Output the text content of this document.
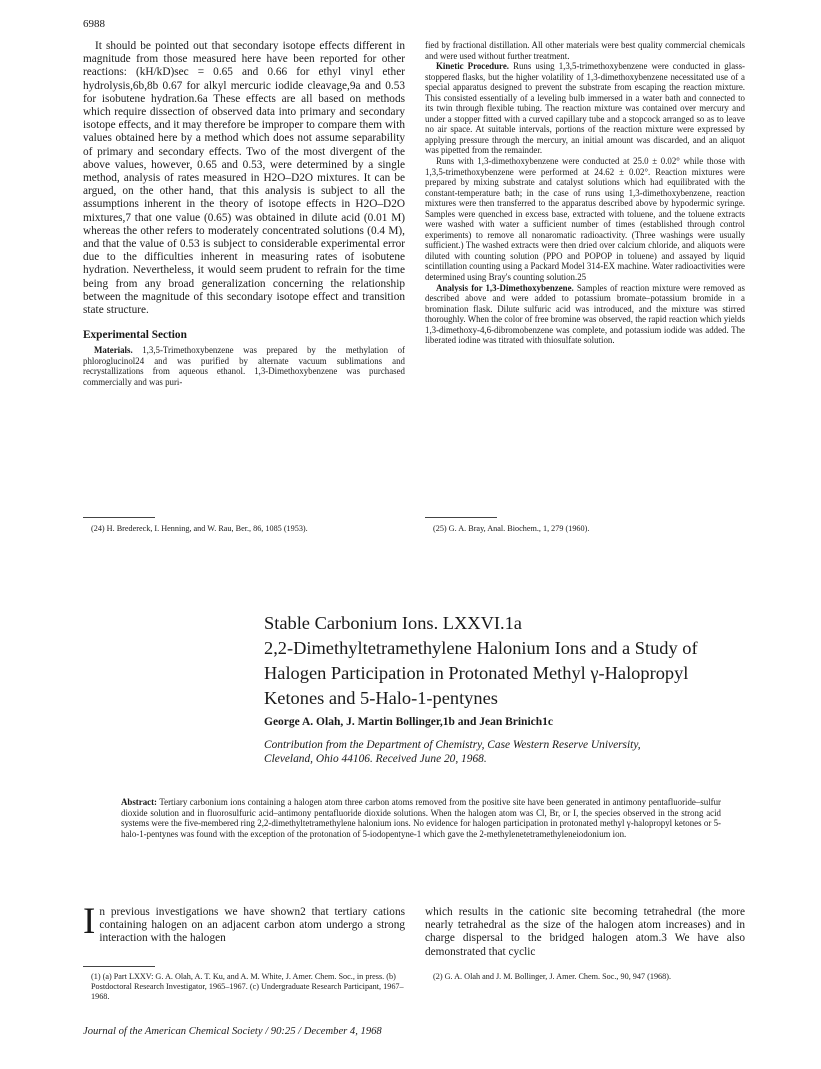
6988

It should be pointed out that secondary isotope effects different in magnitude from those measured here have been reported for other reactions: (kH/kD)sec = 0.65 and 0.66 for ethyl vinyl ether hydrolysis,6b,8b 0.67 for alkyl mercuric iodide cleavage,9a and 0.53 for isobutene hydration.6a These effects are all based on methods which require dissection of observed data into primary and secondary isotope effects, and it may therefore be improper to compare them with values obtained here by a method which does not assume separability of primary and secondary effects. Two of the most divergent of the above values, however, 0.65 and 0.53, were determined by a single method, analysis of rates measured in H2O–D2O mixtures. It can be argued, on the other hand, that this analysis is subject to all the assumptions inherent in the theory of isotope effects in H2O–D2O mixtures,7 that one value (0.65) was obtained in dilute acid (0.01 M) whereas the other refers to moderately concentrated solutions (0.4 M), and that the value of 0.53 is subject to considerable experimental error due to the difficulties inherent in measuring rates of isobutene hydration. Nevertheless, it would seem prudent to refrain for the time being from any broad generalization concerning the relationship between the magnitude of this secondary isotope effect and transition state structure.

Experimental Section

Materials. 1,3,5-Trimethoxybenzene was prepared by the methylation of phloroglucinol24 and was purified by alternate vacuum sublimations and recrystallizations from aqueous ethanol. 1,3-Dimethoxybenzene was purchased commercially and was puri-

fied by fractional distillation. All other materials were best quality commercial chemicals and were used without further treatment.

Kinetic Procedure. Runs using 1,3,5-trimethoxybenzene were conducted in glass-stoppered flasks, but the higher volatility of 1,3-dimethoxybenzene necessitated use of a special apparatus designed to prevent the substrate from escaping the reaction mixture. This consisted essentially of a leveling bulb immersed in a water bath and connected to its twin through flexible tubing. The reaction mixture was contained over mercury and under a stopper fitted with a curved capillary tube and a stopcock arranged so as to leave no air space. At suitable intervals, portions of the reaction mixture were expressed by applying pressure through the mercury, an initial amount was discarded, and an aliquot was pipetted from the remainder.

Runs with 1,3-dimethoxybenzene were conducted at 25.0 ± 0.02° while those with 1,3,5-trimethoxybenzene were performed at 24.62 ± 0.02°. Reaction mixtures were prepared by mixing substrate and catalyst solutions which had equilibrated with the constant-temperature bath; in the case of runs using 1,3-dimethoxybenzene, reaction mixtures were then transferred to the apparatus described above by hypodermic syringe. Samples were quenched in excess base, extracted with toluene, and the toluene extracts were washed with water a sufficient number of times (established through control experiments) to remove all nonaromatic radioactivity. (Three washings were usually sufficient.) The washed extracts were then dried over calcium chloride, and aliquots were diluted with counting solution (PPO and POPOP in toluene) and assayed by liquid scintillation counting using a Packard Model 314-EX machine. Water radioactivities were determined using Bray's counting solution.25

Analysis for 1,3-Dimethoxybenzene. Samples of reaction mixture were removed as described above and were added to potassium bromate–potassium bromide in a bromination flask. Dilute sulfuric acid was introduced, and the mixture was stirred thoroughly. When the color of free bromine was observed, the rapid reaction which yields 1,3-dimethoxy-4,6-dibromobenzene was complete, and potassium iodide was added. The liberated iodine was titrated with thiosulfate solution.

(24) H. Bredereck, I. Henning, and W. Rau, Ber., 86, 1085 (1953).	(25) G. A. Bray, Anal. Biochem., 1, 279 (1960).
Stable Carbonium Ions. LXXVI.1a
2,2-Dimethyltetramethylene Halonium Ions and a Study of
Halogen Participation in Protonated Methyl γ-Halopropyl
Ketones and 5-Halo-1-pentynes
George A. Olah, J. Martin Bollinger,1b and Jean Brinich1c
Contribution from the Department of Chemistry, Case Western Reserve University,
Cleveland, Ohio 44106. Received June 20, 1968.

Abstract: Tertiary carbonium ions containing a halogen atom three carbon atoms removed from the positive site have been generated in antimony pentafluoride–sulfur dioxide solution and in fluorosulfuric acid–antimony pentafluoride dioxide solutions. When the halogen atom was Cl, Br, or I, the species observed in the strong acid systems were the five-membered ring 2,2-dimethyltetramethylene halonium ions. No evidence for halogen participation in protonated methyl γ-halopropyl ketones or 5-halo-1-pentynes was found with the exception of the protonation of 5-iodopentyne-1 which gave the 2-methylenetetramethyleneiodonium ion.

In previous investigations we have shown2 that tertiary cations containing halogen on an adjacent carbon atom undergo a strong interaction with the halogen

which results in the cationic site becoming tetrahedral (the more nearly tetrahedral as the size of the halogen atom increases) and in charge dispersal to the bridged halogen atom.3 We have also demonstrated that cyclic

(1) (a) Part LXXV: G. A. Olah, A. T. Ku, and A. M. White, J. Amer. Chem. Soc., in press. (b) Postdoctoral Research Investigator, 1965–1967. (c) Undergraduate Research Participant, 1967–1968.
(2) G. A. Olah and J. M. Bollinger, J. Amer. Chem. Soc., 90, 947 (1968).
Journal of the American Chemical Society / 90:25 / December 4, 1968
